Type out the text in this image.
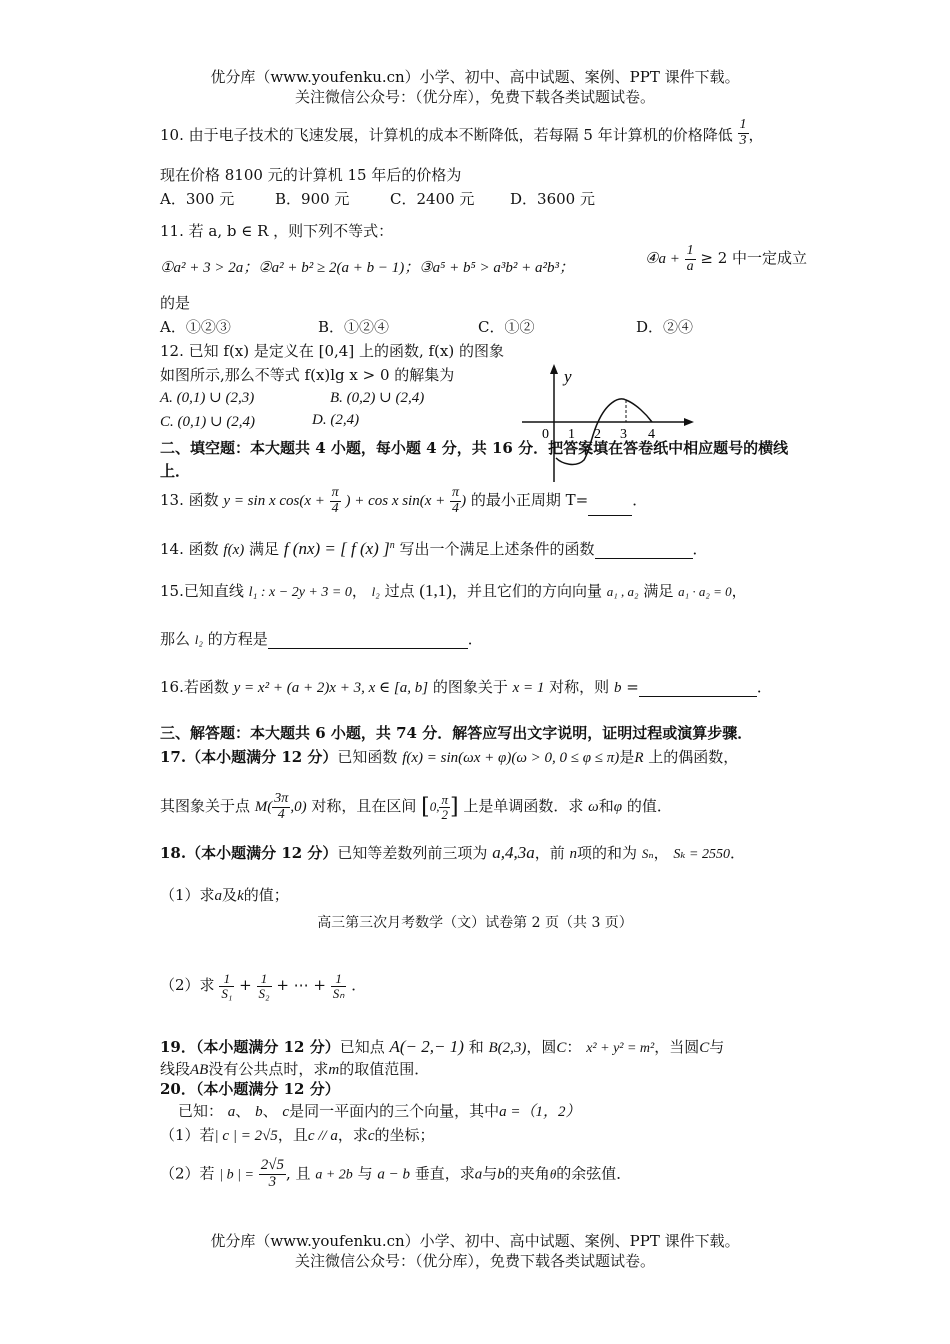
优分库（www.youfenku.cn）小学、初中、高中试题、案例、PPT 课件下载。
关注微信公众号：（优分库），免费下载各类试题试卷。
10. 由于电子技术的飞速发展，计算机的成本不断降低，若每隔 5 年计算机的价格降低 $\frac{1}{3}$ ，
现在价格 8100 元的计算机 15 年后的价格为
A．300 元	B．900 元	C．2400 元 D．3600 元
11. 若 a, b ∈ R ，则下列不等式：
①a² + 3 > 2a；②a² + b² ≥ 2(a + b − 1)；③a⁵ + b⁵ > a³b² + a²b³；
④a + $\frac{1}{a} \ge 2$ 中一定成立
的是
A．①②③	B．①②④	C．①②	D．②④
12. 已知 f(x) 是定义在 [0,4] 上的函数, f(x) 的图象
如图所示,那么不等式 f(x)lg x > 0 的解集为
A. (0,1) ∪ (2,3)	B. (0,2) ∪ (2,4)
C. (0,1) ∪ (2,4)	D. (2,4)
y
0 1 2 3 4
二、填空题：本大题共 4 小题，每小题 4 分，共 16 分．把答案填在答卷纸中相应题号的横线
上．
13. 函数 y = sin x $\cos(x + \frac{\pi}{4}$ ) + cos x $\sin(x + \frac{\pi}{4}$ ) 的最小正周期 T=	．
14. 函数 f(x) 满足 f (nx) = [ f (x) ]$^n$ 写出一个满足上述条件的函数	．
15.已知直线 l₁ : x − 2y + 3 = 0， l₂ 过点 (1,1)，并且它们的方向向量 a₁ , a₂ 满足 a₁ · a₂ = 0，
那么 l₂ 的方程是	．
16.若函数 y = x² + (a + 2)x + 3, x ∈ [a, b] 的图象关于 x = 1 对称，则 b =	．
三、解答题：本大题共 6 小题，共 74 分．解答应写出文字说明，证明过程或演算步骤．
17.（本小题满分 12 分）已知函数 f(x) = sin(ωx + φ)(ω > 0, 0 ≤ φ ≤ π)是R 上的偶函数，
其图象关于点 $M( \frac{3\pi}{4} ,0)$ 对称，且在区间 [0, $\frac{\pi}{2}$ ] 上是单调函数．求 ω和φ 的值．
18.（本小题满分 12 分）已知等差数列前三项为 a,4,3a，前 n项的和为 Sₙ， Sₖ = 2550．
（1）求a及k的值；
高三第三次月考数学（文）试卷第 2 页（共 3 页）
（2）求 $\frac{1}{\text{S₁}} + \frac{1}{\text{S₂}}$ + ⋯ + $\frac{1}{\text{Sₙ}}$ ．
19．（本小题满分 12 分）已知点 A(− 2,− 1) 和 B(2,3)，圆C： x² + y² = m²，当圆C与
线段AB没有公共点时，求m的取值范围．
20．（本小题满分 12 分）
已知： a、 b、 c是同一平面内的三个向量，其中a =（1，2）
（1）若| c | = 2√5，且c // a，求c的坐标；
（2）若 | b | = $\frac{2√5}{3}$ , 且 a + 2b 与 a − b 垂直，求a与b的夹角θ的余弦值．
优分库（www.youfenku.cn）小学、初中、高中试题、案例、PPT 课件下载。
关注微信公众号：（优分库），免费下载各类试题试卷。
